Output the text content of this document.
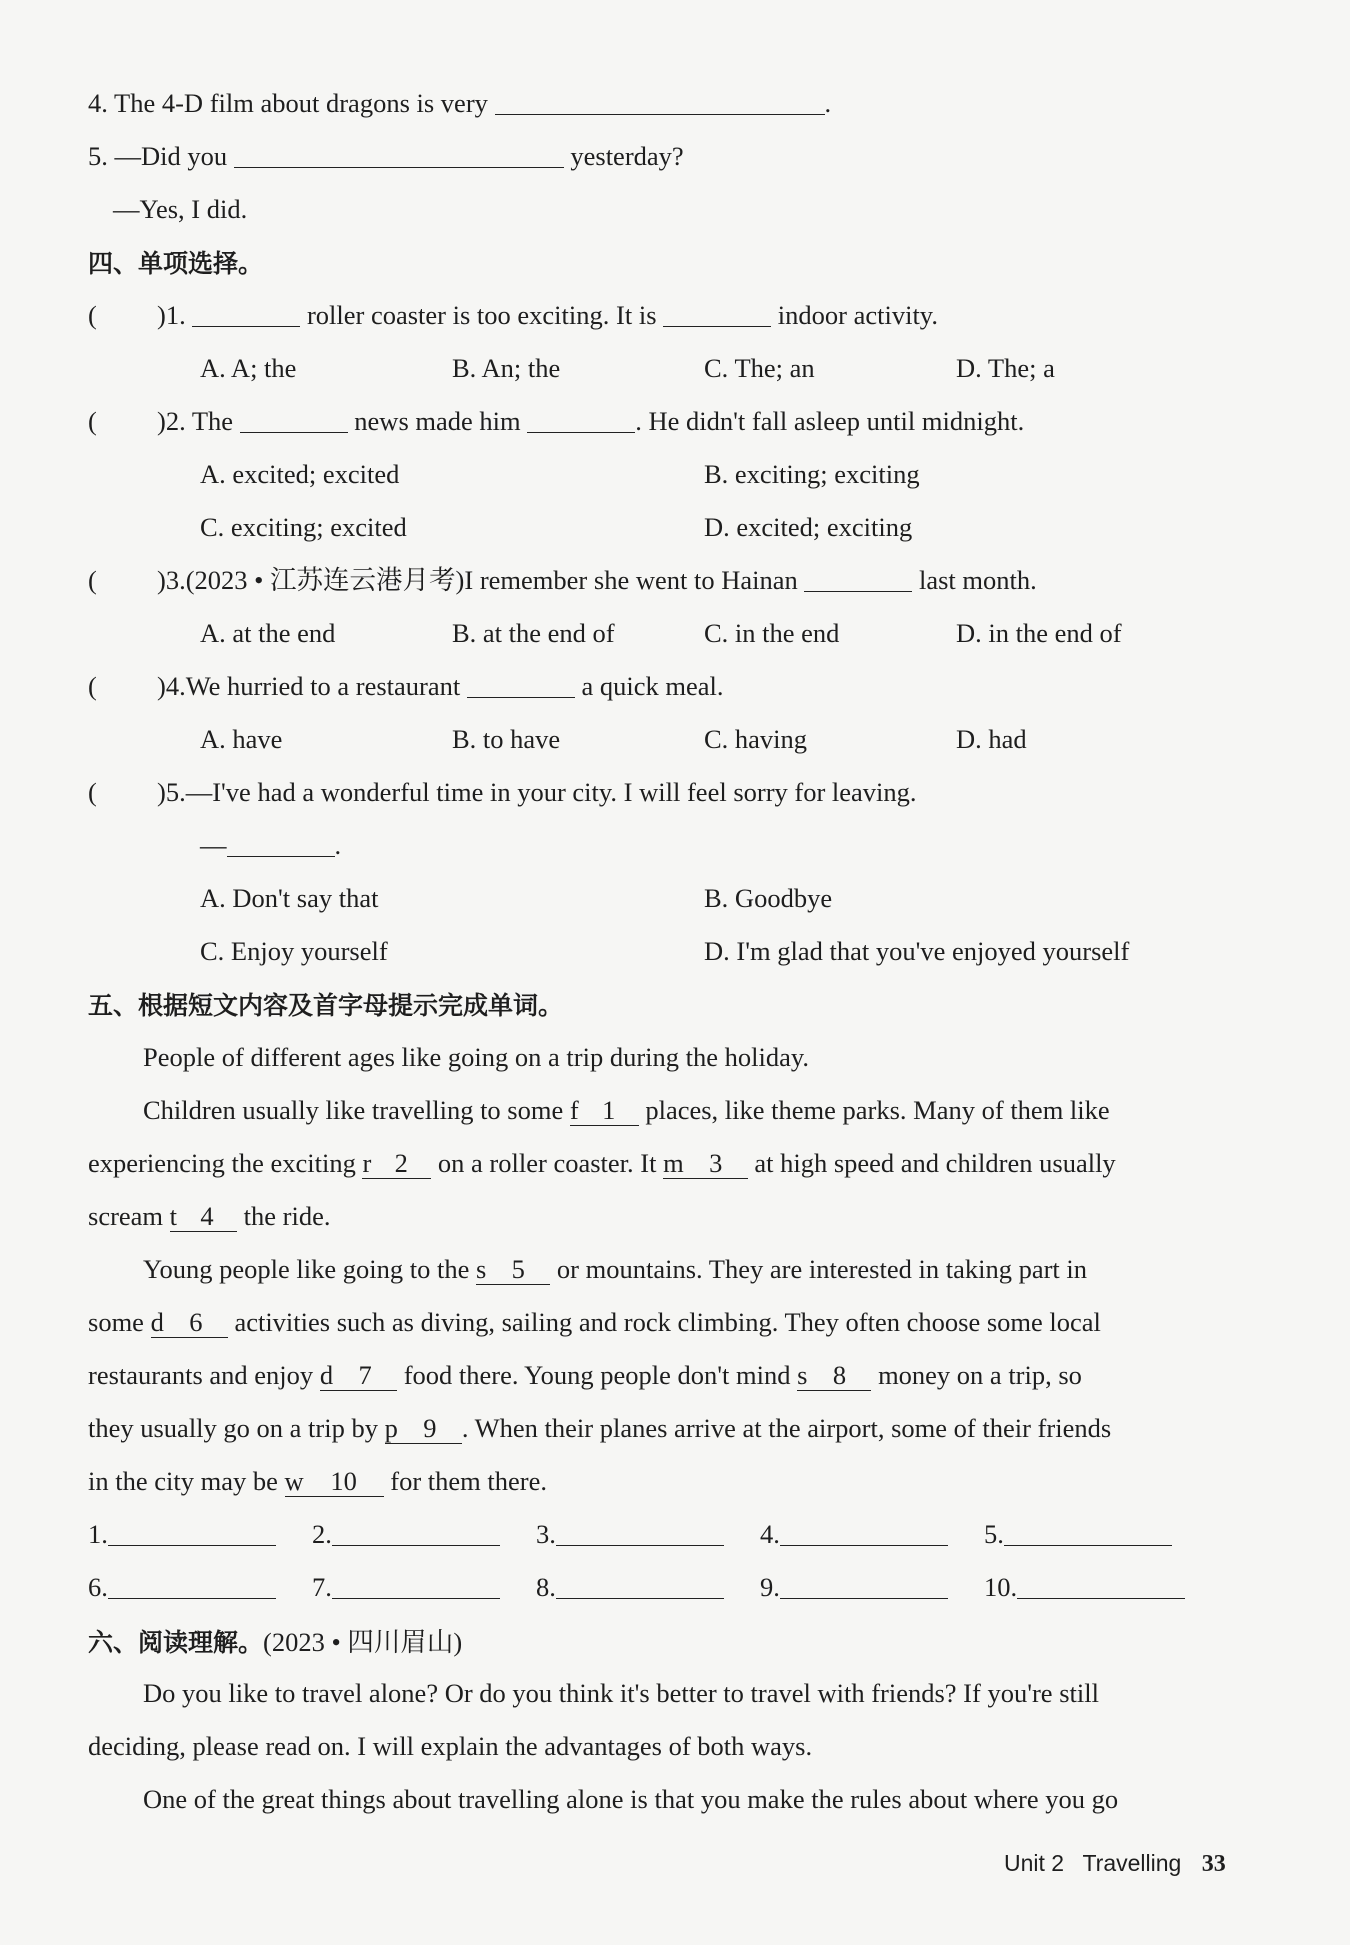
4. The 4-D film about dragons is very	.
5. —Did you	yesterday?
—Yes, I did.
四、单项选择。
( )1.	roller coaster is too exciting. It is	indoor activity.
A. A; the	B. An; the	C. The; an	D. The; a
( )2. The	news made him	. He didn't fall asleep until midnight.
A. excited; excited	B. exciting; exciting
C. exciting; excited	D. excited; exciting
( )3.(2023 • 江苏连云港月考)I remember she went to Hainan	last month.
A. at the end	B. at the end of	C. in the end	D. in the end of
( )4.We hurried to a restaurant	a quick meal.
A. have	B. to have	C. having	D. had
( )5.—I've had a wonderful time in your city. I will feel sorry for leaving.
—	.
A. Don't say that	B. Goodbye
C. Enjoy yourself	D. I'm glad that you've enjoyed yourself
五、根据短文内容及首字母提示完成单词。
People of different ages like going on a trip during the holiday.
Children usually like travelling to some f 1 places, like theme parks. Many of them like
experiencing the exciting r 2 on a roller coaster. It m 3 at high speed and children usually
scream t 4 the ride.
Young people like going to the s 5 or mountains. They are interested in taking part in
some d 6 activities such as diving, sailing and rock climbing. They often choose some local
restaurants and enjoy d 7 food there. Young people don't mind s 8 money on a trip, so
they usually go on a trip by p 9 . When their planes arrive at the airport, some of their friends
in the city may be w 10 for them there.
1.	2.	3.	4.	5.
6.	7.	8.	9.	10.
六、阅读理解。(2023 • 四川眉山)
Do you like to travel alone? Or do you think it's better to travel with friends? If you're still
deciding, please read on. I will explain the advantages of both ways.
One of the great things about travelling alone is that you make the rules about where you go
Unit 2 Travelling 33
